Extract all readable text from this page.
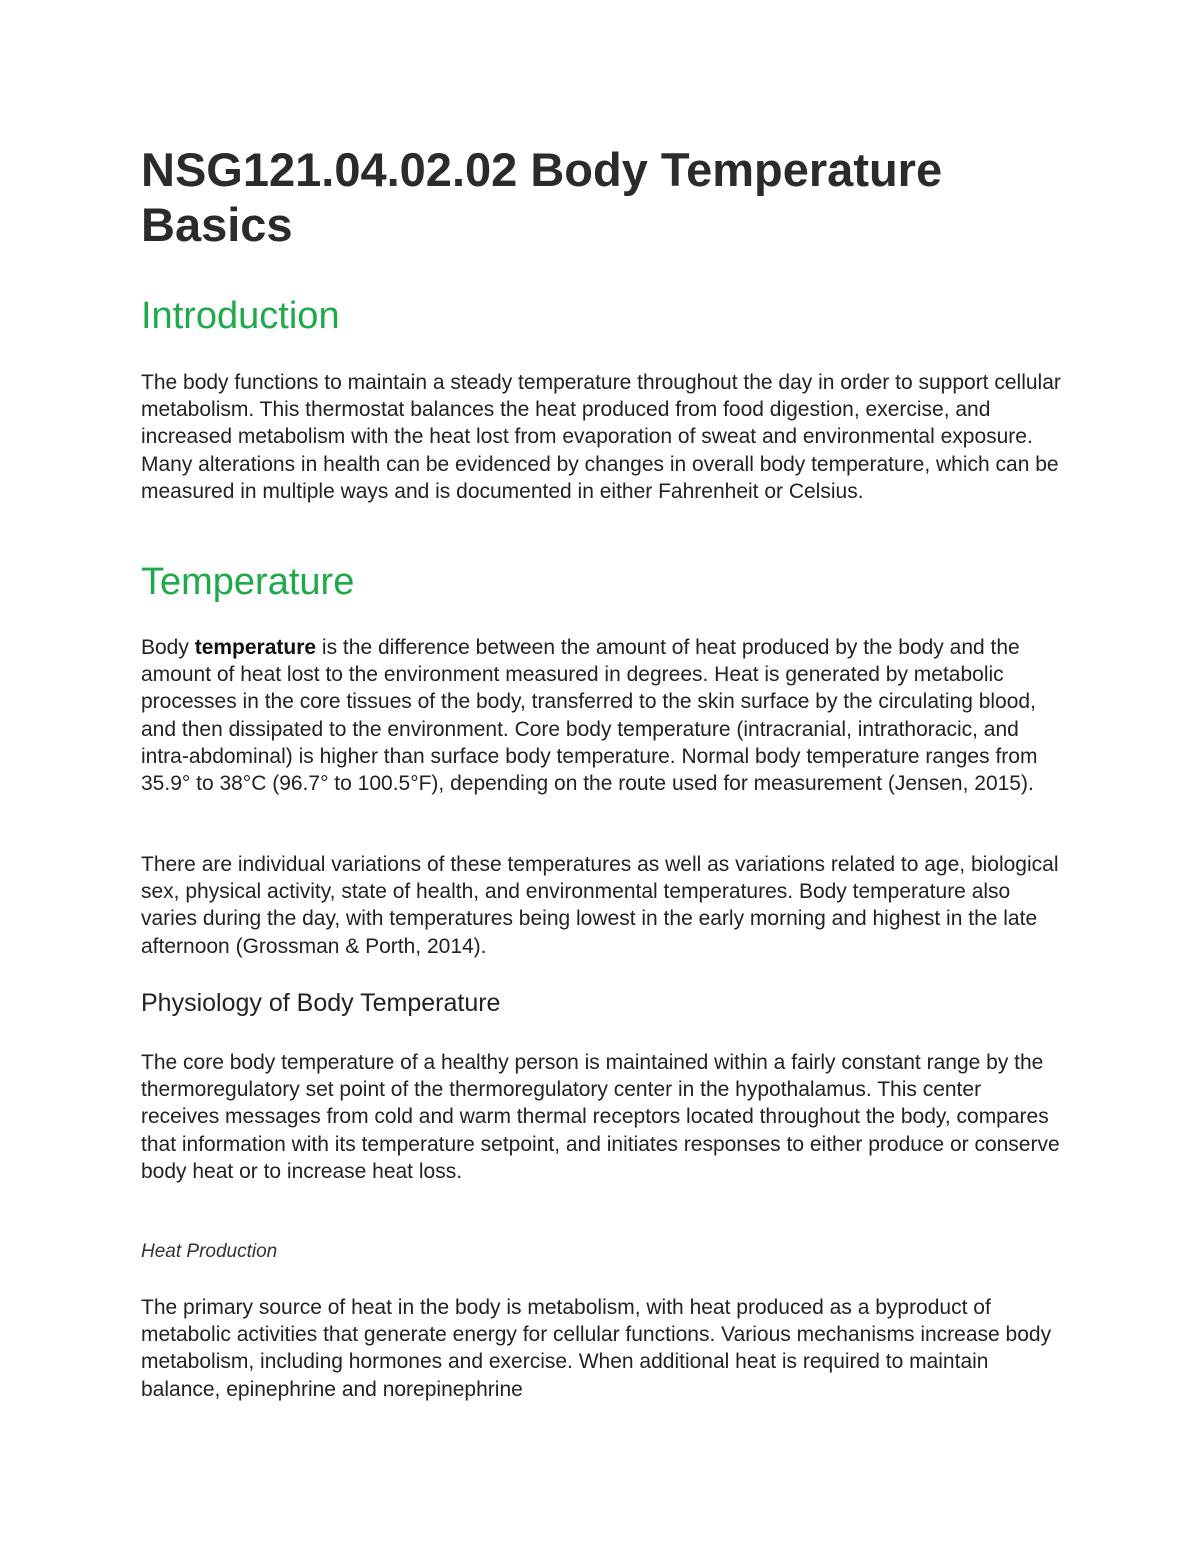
NSG121.04.02.02 Body Temperature Basics
Introduction

The body functions to maintain a steady temperature throughout the day in order to support cellular metabolism. This thermostat balances the heat produced from food digestion, exercise, and increased metabolism with the heat lost from evaporation of sweat and environmental exposure. Many alterations in health can be evidenced by changes in overall body temperature, which can be measured in multiple ways and is documented in either Fahrenheit or Celsius.

Temperature

Body temperature is the difference between the amount of heat produced by the body and the amount of heat lost to the environment measured in degrees. Heat is generated by metabolic processes in the core tissues of the body, transferred to the skin surface by the circulating blood, and then dissipated to the environment. Core body temperature (intracranial, intrathoracic, and intra-abdominal) is higher than surface body temperature. Normal body temperature ranges from 35.9° to 38°C (96.7° to 100.5°F), depending on the route used for measurement (Jensen, 2015).

There are individual variations of these temperatures as well as variations related to age, biological sex, physical activity, state of health, and environmental temperatures. Body temperature also varies during the day, with temperatures being lowest in the early morning and highest in the late afternoon (Grossman & Porth, 2014).

Physiology of Body Temperature

The core body temperature of a healthy person is maintained within a fairly constant range by the thermoregulatory set point of the thermoregulatory center in the hypothalamus. This center receives messages from cold and warm thermal receptors located throughout the body, compares that information with its temperature setpoint, and initiates responses to either produce or conserve body heat or to increase heat loss.

Heat Production

The primary source of heat in the body is metabolism, with heat produced as a byproduct of metabolic activities that generate energy for cellular functions. Various mechanisms increase body metabolism, including hormones and exercise. When additional heat is required to maintain balance, epinephrine and norepinephrine
